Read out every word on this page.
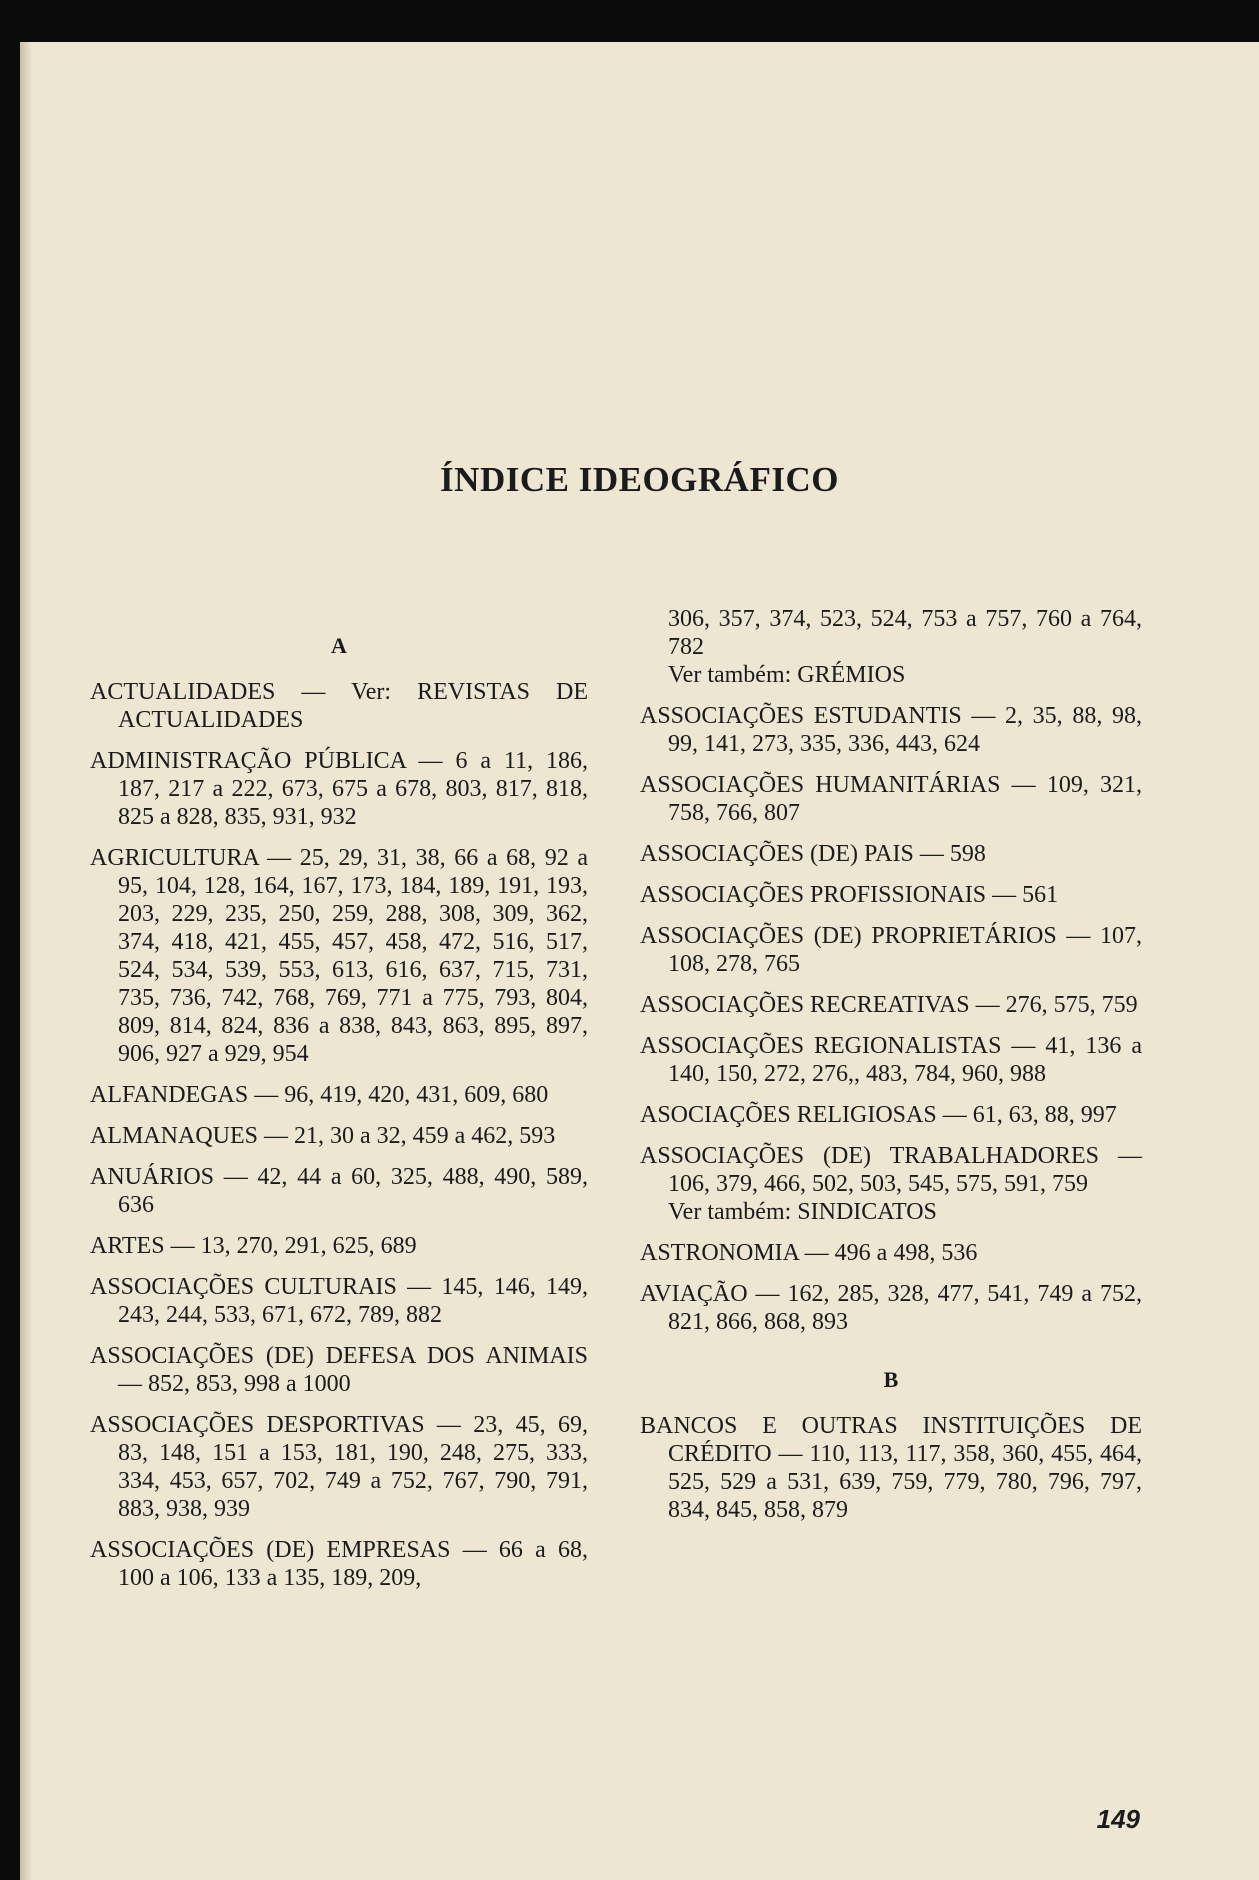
ÍNDICE IDEOGRÁFICO
A

ACTUALIDADES — Ver: REVISTAS DE ACTUALIDADES

ADMINISTRAÇÃO PÚBLICA — 6 a 11, 186, 187, 217 a 222, 673, 675 a 678, 803, 817, 818, 825 a 828, 835, 931, 932

AGRICULTURA — 25, 29, 31, 38, 66 a 68, 92 a 95, 104, 128, 164, 167, 173, 184, 189, 191, 193, 203, 229, 235, 250, 259, 288, 308, 309, 362, 374, 418, 421, 455, 457, 458, 472, 516, 517, 524, 534, 539, 553, 613, 616, 637, 715, 731, 735, 736, 742, 768, 769, 771 a 775, 793, 804, 809, 814, 824, 836 a 838, 843, 863, 895, 897, 906, 927 a 929, 954

ALFANDEGAS — 96, 419, 420, 431, 609, 680

ALMANAQUES — 21, 30 a 32, 459 a 462, 593

ANUÁRIOS — 42, 44 a 60, 325, 488, 490, 589, 636

ARTES — 13, 270, 291, 625, 689

ASSOCIAÇÕES CULTURAIS — 145, 146, 149, 243, 244, 533, 671, 672, 789, 882

ASSOCIAÇÕES (DE) DEFESA DOS ANIMAIS — 852, 853, 998 a 1000

ASSOCIAÇÕES DESPORTIVAS — 23, 45, 69, 83, 148, 151 a 153, 181, 190, 248, 275, 333, 334, 453, 657, 702, 749 a 752, 767, 790, 791, 883, 938, 939

ASSOCIAÇÕES (DE) EMPRESAS — 66 a 68, 100 a 106, 133 a 135, 189, 209,

306, 357, 374, 523, 524, 753 a 757, 760 a 764, 782

Ver também: GRÉMIOS

ASSOCIAÇÕES ESTUDANTIS — 2, 35, 88, 98, 99, 141, 273, 335, 336, 443, 624

ASSOCIAÇÕES HUMANITÁRIAS — 109, 321, 758, 766, 807

ASSOCIAÇÕES (DE) PAIS — 598

ASSOCIAÇÕES PROFISSIONAIS — 561

ASSOCIAÇÕES (DE) PROPRIETÁRIOS — 107, 108, 278, 765

ASSOCIAÇÕES RECREATIVAS — 276, 575, 759

ASSOCIAÇÕES REGIONALISTAS — 41, 136 a 140, 150, 272, 276,, 483, 784, 960, 988

ASOCIAÇÕES RELIGIOSAS — 61, 63, 88, 997

ASSOCIAÇÕES (DE) TRABALHADORES — 106, 379, 466, 502, 503, 545, 575, 591, 759

Ver também: SINDICATOS

ASTRONOMIA — 496 a 498, 536

AVIAÇÃO — 162, 285, 328, 477, 541, 749 a 752, 821, 866, 868, 893

B

BANCOS E OUTRAS INSTITUIÇÕES DE CRÉDITO — 110, 113, 117, 358, 360, 455, 464, 525, 529 a 531, 639, 759, 779, 780, 796, 797, 834, 845, 858, 879

149
